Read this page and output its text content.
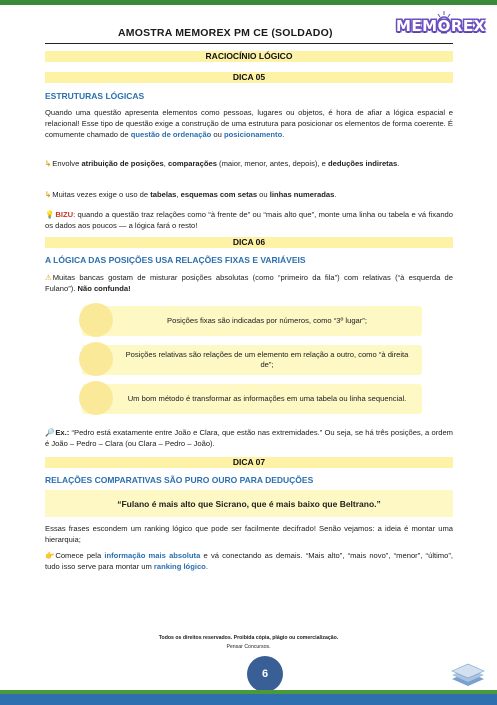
AMOSTRA MEMOREX PM CE (SOLDADO)	MEMOREX
RACIOCÍNIO LÓGICO
DICA 05
ESTRUTURAS LÓGICAS
Quando uma questão apresenta elementos como pessoas, lugares ou objetos, é hora de afiar a lógica espacial e relacional! Esse tipo de questão exige a construção de uma estrutura para posicionar os elementos de forma coerente. É comumente chamado de questão de ordenação ou posicionamento.
↳Envolve atribuição de posições, comparações (maior, menor, antes, depois), e deduções indiretas.
↳Muitas vezes exige o uso de tabelas, esquemas com setas ou linhas numeradas.
💡BIZU: quando a questão traz relações como “à frente de” ou “mais alto que”, monte uma linha ou tabela e vá fixando os dados aos poucos — a lógica fará o resto!
DICA 06
A LÓGICA DAS POSIÇÕES USA RELAÇÕES FIXAS E VARIÁVEIS
⚠Muitas bancas gostam de misturar posições absolutas (como “primeiro da fila”) com relativas (“à esquerda de Fulano”). Não confunda!
Posições fixas são indicadas por números, como “3º lugar”;
Posições relativas são relações de um elemento em relação a outro, como “à direita de”;
Um bom método é transformar as informações em uma tabela ou linha sequencial.
🔎Ex.: “Pedro está exatamente entre João e Clara, que estão nas extremidades.” Ou seja, se há três posições, a ordem é João – Pedro – Clara (ou Clara – Pedro – João).
DICA 07
RELAÇÕES COMPARATIVAS SÃO PURO OURO PARA DEDUÇÕES
“Fulano é mais alto que Sicrano, que é mais baixo que Beltrano.”
Essas frases escondem um ranking lógico que pode ser facilmente decifrado! Senão vejamos: a ideia é montar uma hierarquia;
👉Comece pela informação mais absoluta e vá conectando as demais. “Mais alto”, “mais novo”, “menor”, “último”, tudo isso serve para montar um ranking lógico.
Todos os direitos reservados. Proibida cópia, plágio ou comercialização.
Pensar Concursos.
6
